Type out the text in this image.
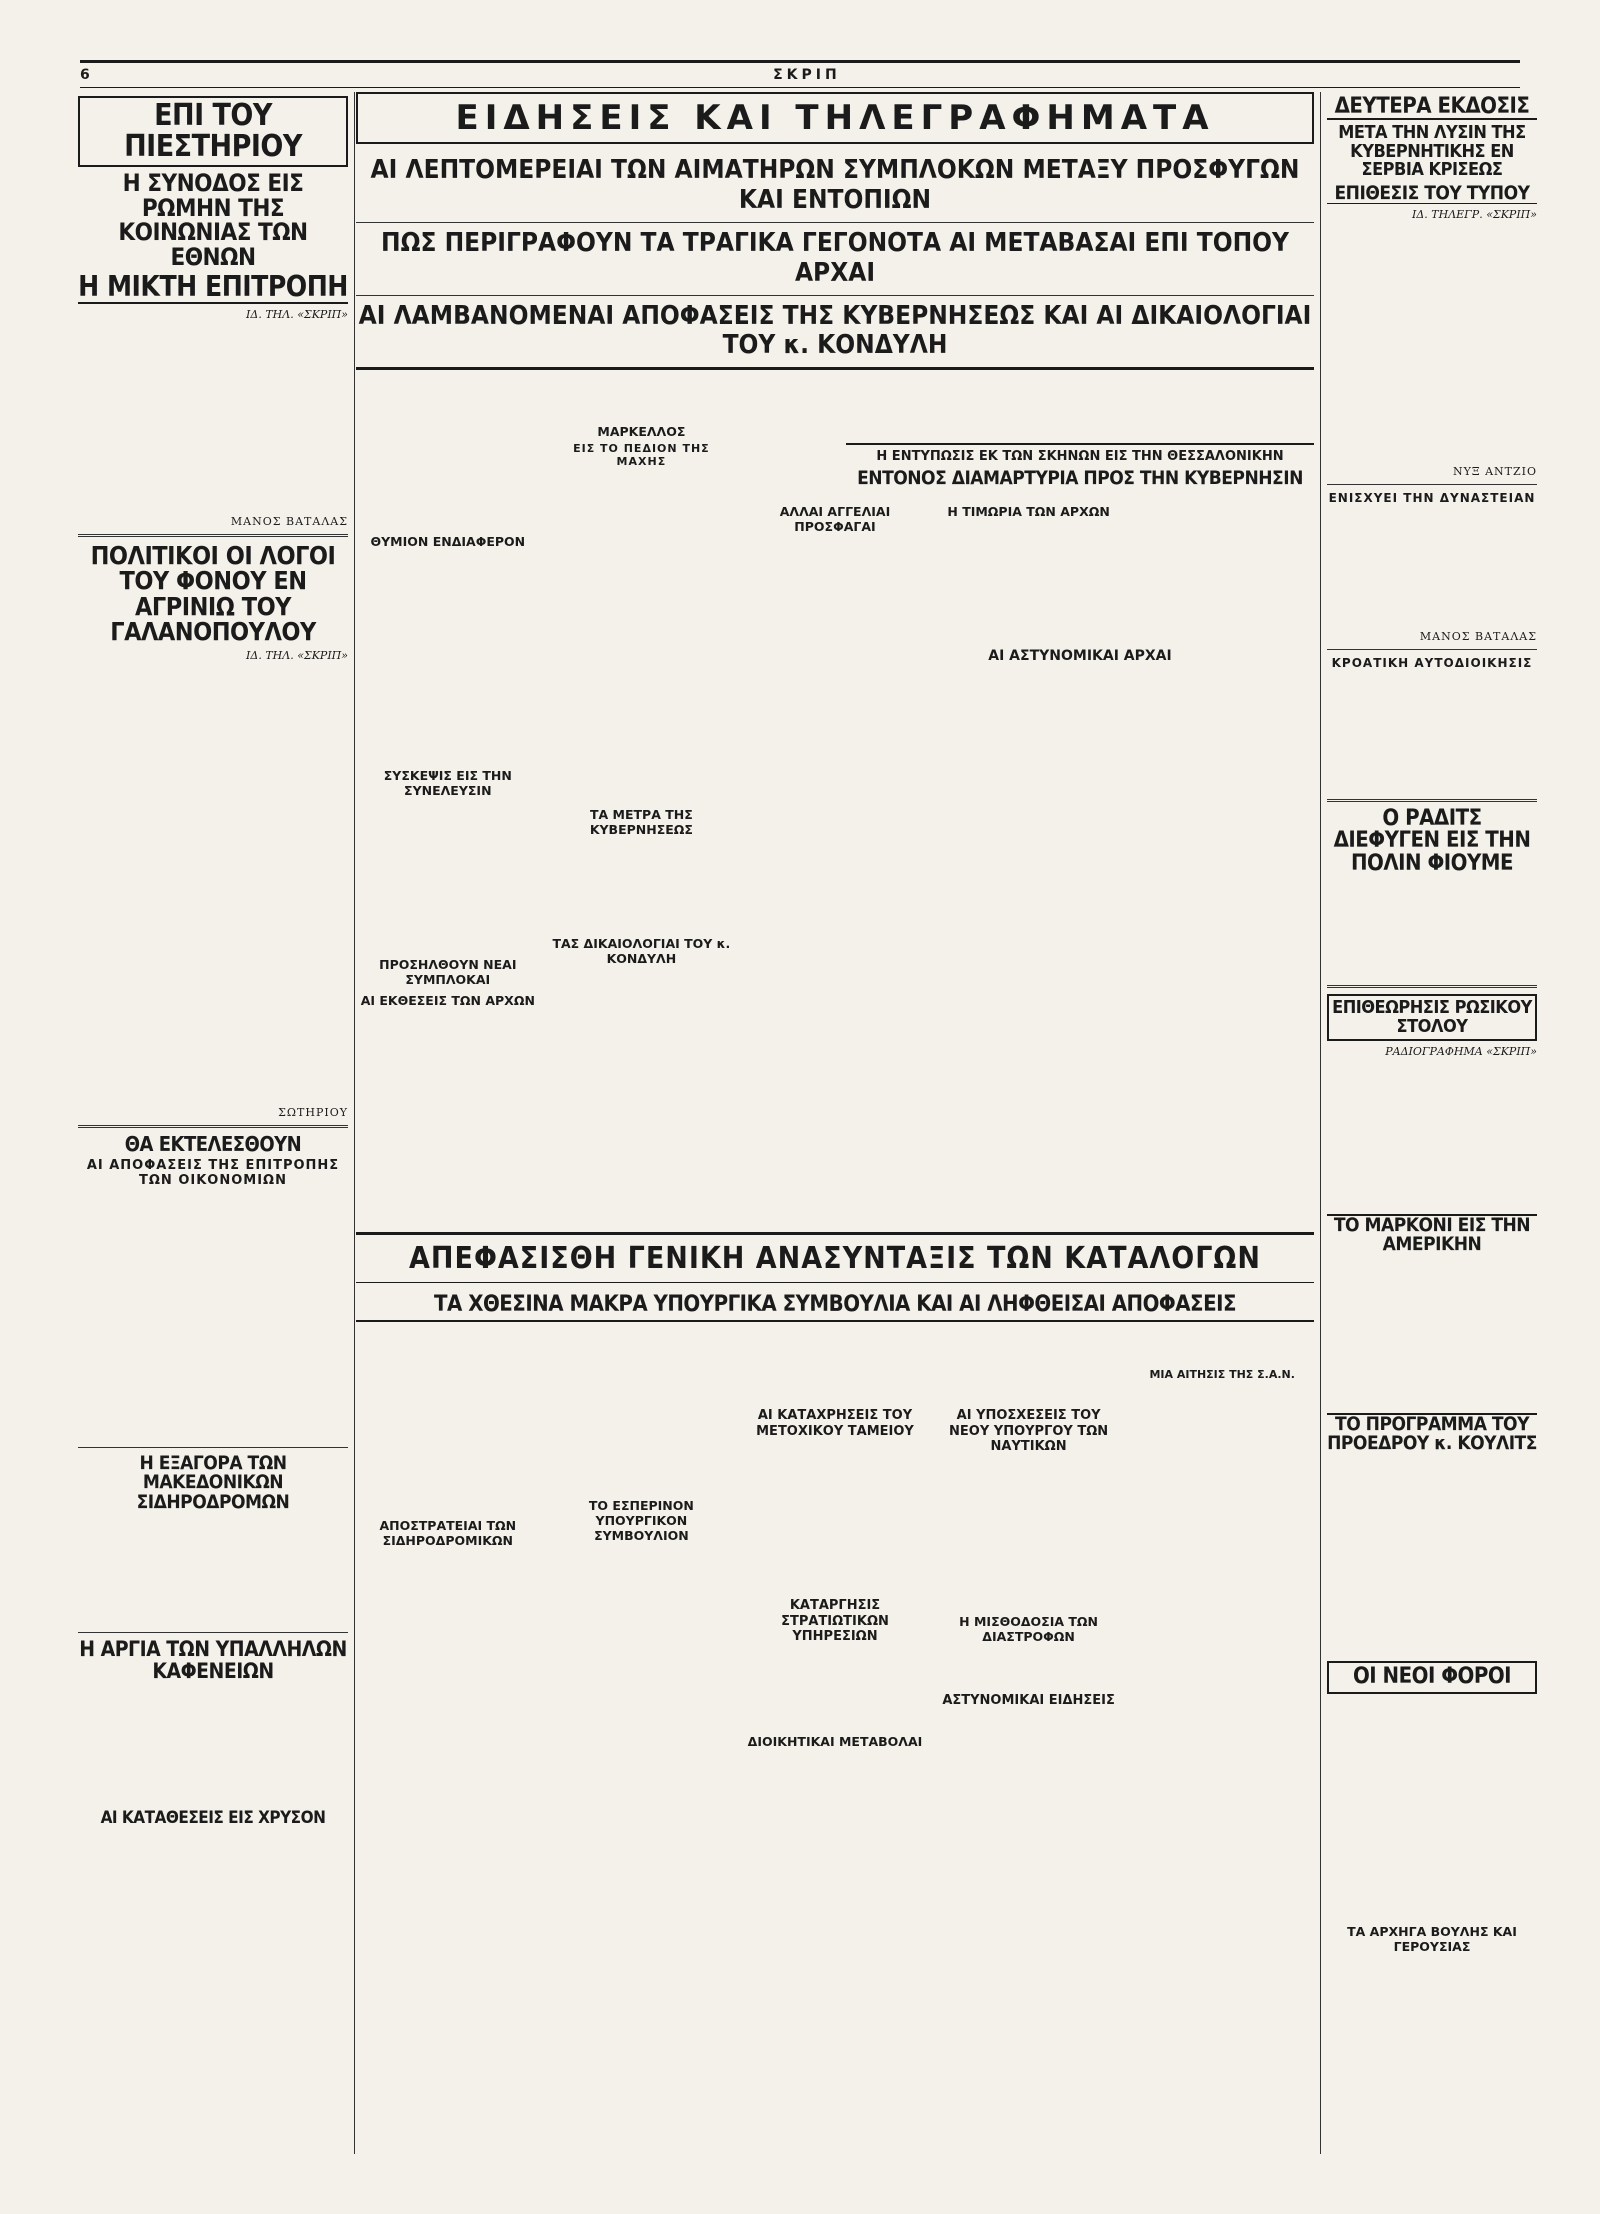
6	ΣΚΡΙΠ
ΕΠΙ ΤΟΥ ΠΙΕΣΤΗΡΙΟΥ
Η ΣΥΝΟΔΟΣ ΕΙΣ ΡΩΜΗΝ ΤΗΣ ΚΟΙΝΩΝΙΑΣ ΤΩΝ ΕΘΝΩΝ
Η ΜΙΚΤΗ ΕΠΙΤΡΟΠΗ
ΙΔ. ΤΗΛ. «ΣΚΡΙΠ»

ΜΑΝΟΣ ΒΑΤΑΛΑΣ
ΠΟΛΙΤΙΚΟΙ ΟΙ ΛΟΓΟΙ ΤΟΥ ΦΟΝΟΥ ΕΝ ΑΓΡΙΝΙΩ ΤΟΥ ΓΑΛΑΝΟΠΟΥΛΟΥ
ΙΔ. ΤΗΛ. «ΣΚΡΙΠ»
ΣΩΤΗΡΙΟΥ
ΘΑ ΕΚΤΕΛΕΣΘΟΥΝ
ΑΙ ΑΠΟΦΑΣΕΙΣ ΤΗΣ ΕΠΙΤΡΟΠΗΣ ΤΩΝ ΟΙΚΟΝΟΜΙΩΝ
Η ΕΞΑΓΟΡΑ ΤΩΝ ΜΑΚΕΔΟΝΙΚΩΝ ΣΙΔΗΡΟΔΡΟΜΩΝ
Η ΑΡΓΙΑ ΤΩΝ ΥΠΑΛΛΗΛΩΝ ΚΑΦΕΝΕΙΩΝ
ΑΙ ΚΑΤΑΘΕΣΕΙΣ ΕΙΣ ΧΡΥΣΟΝ
ΕΙΔΗΣΕΙΣ ΚΑΙ ΤΗΛΕΓΡΑΦΗΜΑΤΑ
ΑΙ ΛΕΠΤΟΜΕΡΕΙΑΙ ΤΩΝ ΑΙΜΑΤΗΡΩΝ ΣΥΜΠΛΟΚΩΝ ΜΕΤΑΞΥ ΠΡΟΣΦΥΓΩΝ ΚΑΙ ΕΝΤΟΠΙΩΝ
ΠΩΣ ΠΕΡΙΓΡΑΦΟΥΝ ΤΑ ΤΡΑΓΙΚΑ ΓΕΓΟΝΟΤΑ ΑΙ ΜΕΤΑΒΑΣΑΙ ΕΠΙ ΤΟΠΟΥ ΑΡΧΑΙ
ΑΙ ΛΑΜΒΑΝΟΜΕΝΑΙ ΑΠΟΦΑΣΕΙΣ ΤΗΣ ΚΥΒΕΡΝΗΣΕΩΣ ΚΑΙ ΑΙ ΔΙΚΑΙΟΛΟΓΙΑΙ ΤΟΥ κ. ΚΟΝΔΥΛΗ
ΘΥΜΙΟΝ ΕΝΔΙΑΦΕΡΟΝ
ΣΥΣΚΕΨΙΣ ΕΙΣ ΤΗΝ ΣΥΝΕΛΕΥΣΙΝ
ΠΡΟΣΗΛΘΟΥΝ ΝΕΑΙ ΣΥΜΠΛΟΚΑΙ
ΑΙ ΕΚΘΕΣΕΙΣ ΤΩΝ ΑΡΧΩΝ
ΜΑΡΚΕΛΛΟΣ
ΕΙΣ ΤΟ ΠΕΔΙΟΝ ΤΗΣ ΜΑΧΗΣ
ΤΑ ΜΕΤΡΑ ΤΗΣ ΚΥΒΕΡΝΗΣΕΩΣ
ΤΑΣ ΔΙΚΑΙΟΛΟΓΙΑΙ ΤΟΥ κ. ΚΟΝΔΥΛΗ
ΑΛΛΑΙ ΑΓΓΕΛΙΑΙ ΠΡΟΣΦΑΓΑΙ
Η ΤΙΜΩΡΙΑ ΤΩΝ ΑΡΧΩΝ
Η ΕΝΤΥΠΩΣΙΣ ΕΚ ΤΩΝ ΣΚΗΝΩΝ ΕΙΣ ΤΗΝ ΘΕΣΣΑΛΟΝΙΚΗΝ
ΕΝΤΟΝΟΣ ΔΙΑΜΑΡΤΥΡΙΑ ΠΡΟΣ ΤΗΝ ΚΥΒΕΡΝΗΣΙΝ
ΑΙ ΑΣΤΥΝΟΜΙΚΑΙ ΑΡΧΑΙ
ΑΠΕΦΑΣΙΣΘΗ ΓΕΝΙΚΗ ΑΝΑΣΥΝΤΑΞΙΣ ΤΩΝ ΚΑΤΑΛΟΓΩΝ
ΤΑ ΧΘΕΣΙΝΑ ΜΑΚΡΑ ΥΠΟΥΡΓΙΚΑ ΣΥΜΒΟΥΛΙΑ ΚΑΙ ΑΙ ΛΗΦΘΕΙΣΑΙ ΑΠΟΦΑΣΕΙΣ
ΑΠΟΣΤΡΑΤΕΙΑΙ ΤΩΝ ΣΙΔΗΡΟΔΡΟΜΙΚΩΝ
ΤΟ ΕΣΠΕΡΙΝΟΝ ΥΠΟΥΡΓΙΚΟΝ ΣΥΜΒΟΥΛΙΟΝ
ΑΙ ΚΑΤΑΧΡΗΣΕΙΣ ΤΟΥ ΜΕΤΟΧΙΚΟΥ ΤΑΜΕΙΟΥ
ΚΑΤΑΡΓΗΣΙΣ ΣΤΡΑΤΙΩΤΙΚΩΝ ΥΠΗΡΕΣΙΩΝ
ΔΙΟΙΚΗΤΙΚΑΙ ΜΕΤΑΒΟΛΑΙ
ΑΙ ΥΠΟΣΧΕΣΕΙΣ ΤΟΥ ΝΕΟΥ ΥΠΟΥΡΓΟΥ ΤΩΝ ΝΑΥΤΙΚΩΝ
Η ΜΙΣΘΟΔΟΣΙΑ ΤΩΝ ΔΙΑΣΤΡΟΦΩΝ
ΑΣΤΥΝΟΜΙΚΑΙ ΕΙΔΗΣΕΙΣ
ΜΙΑ ΑΙΤΗΣΙΣ ΤΗΣ Σ.Α.Ν.
ΔΕΥΤΕΡΑ ΕΚΔΟΣΙΣ
ΜΕΤΑ ΤΗΝ ΛΥΣΙΝ ΤΗΣ ΚΥΒΕΡΝΗΤΙΚΗΣ ΕΝ ΣΕΡΒΙΑ ΚΡΙΣΕΩΣ
ΕΠΙΘΕΣΙΣ ΤΟΥ ΤΥΠΟΥ
ΙΔ. ΤΗΛΕΓΡ. «ΣΚΡΙΠ»
ΝΥΞ ΑΝΤΖΙΟ
ΕΝΙΣΧΥΕΙ ΤΗΝ ΔΥΝΑΣΤΕΙΑΝ
ΜΑΝΟΣ ΒΑΤΑΛΑΣ
ΚΡΟΑΤΙΚΗ ΑΥΤΟΔΙΟΙΚΗΣΙΣ
Ο ΡΑΔΙΤΣ ΔΙΕΦΥΓΕΝ ΕΙΣ ΤΗΝ ΠΟΛΙΝ ΦΙΟΥΜΕ
ΕΠΙΘΕΩΡΗΣΙΣ ΡΩΣΙΚΟΥ ΣΤΟΛΟΥ
ΡΑΔΙΟΓΡΑΦΗΜΑ «ΣΚΡΙΠ»
ΤΟ ΜΑΡΚΟΝΙ ΕΙΣ ΤΗΝ ΑΜΕΡΙΚΗΝ
ΤΟ ΠΡΟΓΡΑΜΜΑ ΤΟΥ ΠΡΟΕΔΡΟΥ κ. ΚΟΥΛΙΤΣ
ΟΙ ΝΕΟΙ ΦΟΡΟΙ
ΤΑ ΑΡΧΗΓΑ ΒΟΥΛΗΣ ΚΑΙ ΓΕΡΟΥΣΙΑΣ
